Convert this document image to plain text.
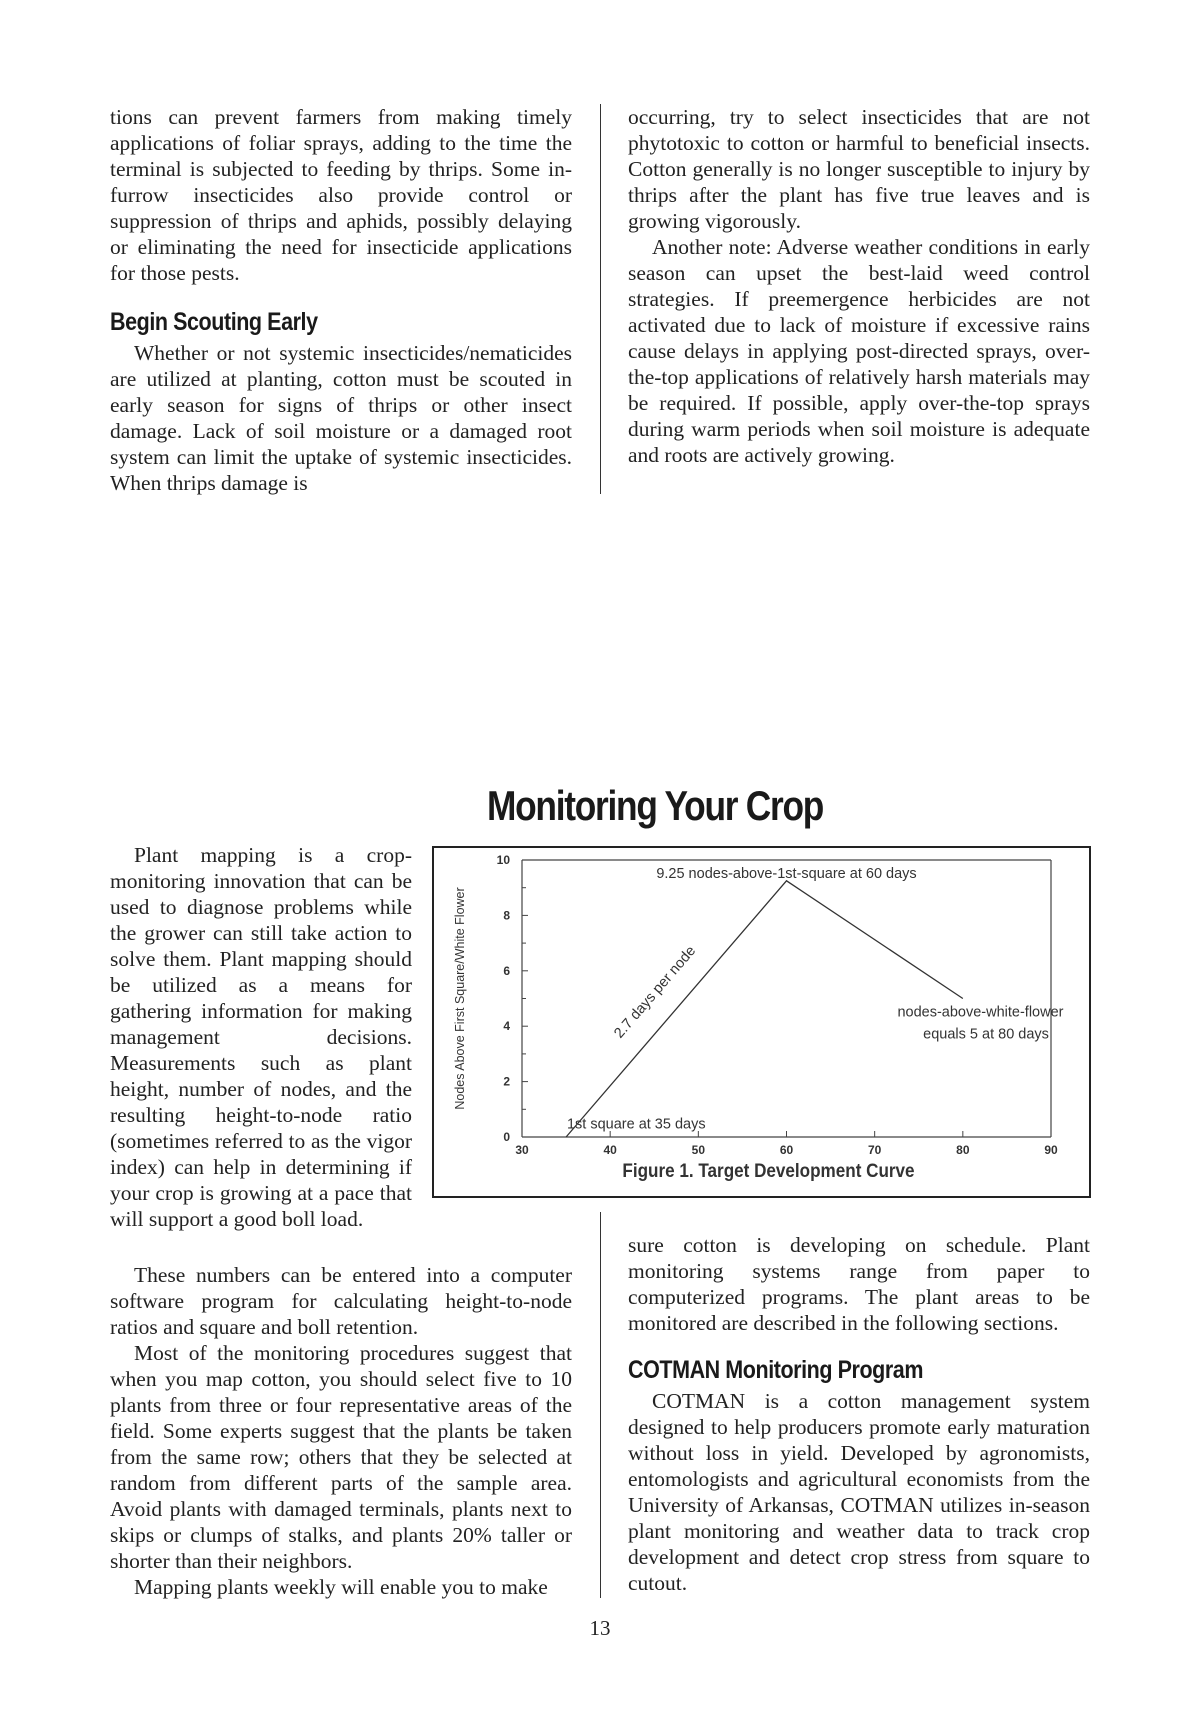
tions can prevent farmers from making timely applications of foliar sprays, adding to the time the terminal is subjected to feeding by thrips. Some in-furrow insecticides also provide control or suppression of thrips and aphids, possibly delaying or eliminating the need for insecticide applications for those pests.

Begin Scouting Early

Whether or not systemic insecticides/nematicides are utilized at planting, cotton must be scouted in early season for signs of thrips or other insect damage. Lack of soil moisture or a damaged root system can limit the uptake of systemic insecticides. When thrips damage is

occurring, try to select insecticides that are not phytotoxic to cotton or harmful to beneficial insects. Cotton generally is no longer susceptible to injury by thrips after the plant has five true leaves and is growing vigorously.

Another note: Adverse weather conditions in early season can upset the best-laid weed control strategies. If preemergence herbicides are not activated due to lack of moisture if excessive rains cause delays in applying post-directed sprays, over-the-top applications of relatively harsh materials may be required. If possible, apply over-the-top sprays during warm periods when soil moisture is adequate and roots are actively growing.

Monitoring Your Crop
0
2
4
6
8
10
30	40	50	60	70	80	90
Nodes Above First Square/White Flower
9.25 nodes-above-1st-square at 60 days
2.7 days per node	nodes-above-white-flower
equals 5 at 80 days
1st square at 35 days
Figure 1. Target Development Curve

Plant mapping is a crop-monitoring innovation that can be used to diagnose problems while the grower can still take action to solve them. Plant mapping should be utilized as a means for gathering information for making management decisions. Measurements such as plant height, number of nodes, and the resulting height-to-node ratio (sometimes referred to as the vigor index) can help in determining if your crop is growing at a pace that will support a good boll load.

These numbers can be entered into a computer software program for calculating height-to-node ratios and square and boll retention.

Most of the monitoring procedures suggest that when you map cotton, you should select five to 10 plants from three or four representative areas of the field. Some experts suggest that the plants be taken from the same row; others that they be selected at random from different parts of the sample area. Avoid plants with damaged terminals, plants next to skips or clumps of stalks, and plants 20% taller or shorter than their neighbors.

Mapping plants weekly will enable you to make

sure cotton is developing on schedule. Plant monitoring systems range from paper to computerized programs. The plant areas to be monitored are described in the following sections.

COTMAN Monitoring Program

COTMAN is a cotton management system designed to help producers promote early maturation without loss in yield. Developed by agronomists, entomologists and agricultural economists from the University of Arkansas, COTMAN utilizes in-season plant monitoring and weather data to track crop development and detect crop stress from square to cutout.

13
